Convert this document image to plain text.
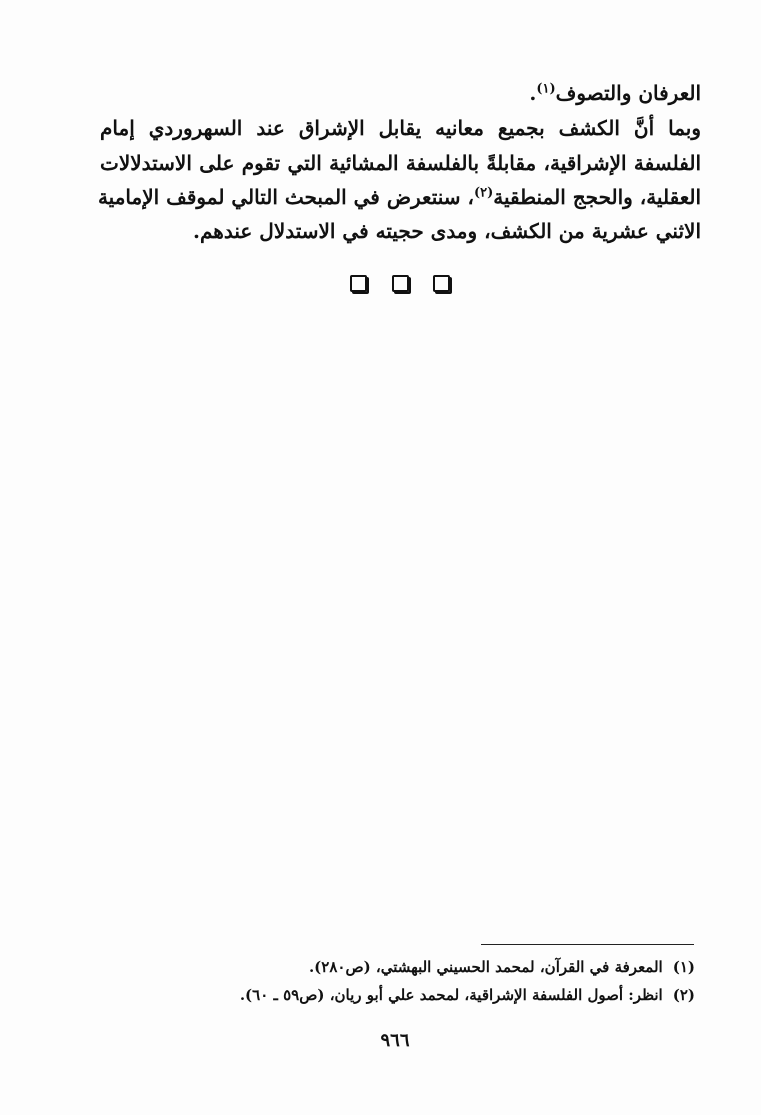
العرفان والتصوف$^{(١)}$.
وبما أنَّ الكشف بجميع معانيه يقابل الإشراق عند السهروردي إمام
الفلسفة الإشراقية، مقابلةً بالفلسفة المشائية التي تقوم على الاستدلالات
العقلية، والحجج المنطقية$^{(٢)}$، سنتعرض في المبحث التالي لموقف الإمامية
الاثني عشرية من الكشف، ومدى حجيته في الاستدلال عندهم.
(١)المعرفة في القرآن، لمحمد الحسيني البهشتي، (ص٢٨٠).
(٢)انظر: أصول الفلسفة الإشراقية، لمحمد علي أبو ريان، (ص٥٩ ـ ٦٠).
٩٦٦
